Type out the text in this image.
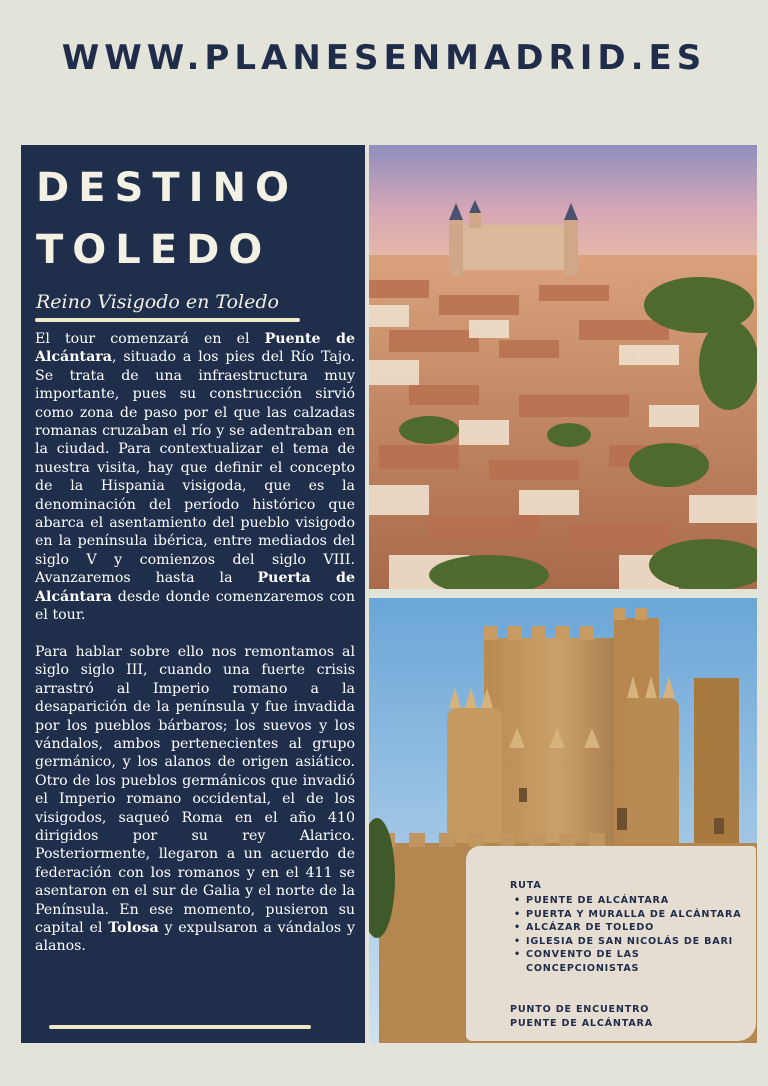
WWW.PLANESENMADRID.ES
DESTINO
TOLEDO
Reino Visigodo en Toledo

El tour comenzará en el Puente de Alcántara, situado a los pies del Río Tajo. Se trata de una infraestructura muy importante, pues su construcción sirvió como zona de paso por el que las calzadas romanas cruzaban el río y se adentraban en la ciudad. Para contextualizar el tema de nuestra visita, hay que definir el concepto de la Hispania visigoda, que es la denominación del período histórico que abarca el asentamiento del pueblo visigodo en la península ibérica, entre mediados del siglo V y comienzos del siglo VIII. Avanzaremos hasta la Puerta de Alcántara desde donde comenzaremos con el tour.

Para hablar sobre ello nos remontamos al siglo siglo III, cuando una fuerte crisis arrastró al Imperio romano a la desaparición de la península y fue invadida por los pueblos bárbaros; los suevos y los vándalos, ambos pertenecientes al grupo germánico, y los alanos de origen asiático. Otro de los pueblos germánicos que invadió el Imperio romano occidental, el de los visigodos, saqueó Roma en el año 410 dirigidos por su rey Alarico. Posteriormente, llegaron a un acuerdo de federación con los romanos y en el 411 se asentaron en el sur de Galia y el norte de la Península. En ese momento, pusieron su capital el Tolosa y expulsaron a vándalos y alanos.

RUTA
• PUENTE DE ALCÁNTARA
• PUERTA Y MURALLA DE ALCÁNTARA
• ALCÁZAR DE TOLEDO
• IGLESIA DE SAN NICOLÁS DE BARI
• CONVENTO DE LAS CONCEPCIONISTAS
PUNTO DE ENCUENTRO
PUENTE DE ALCÁNTARA
